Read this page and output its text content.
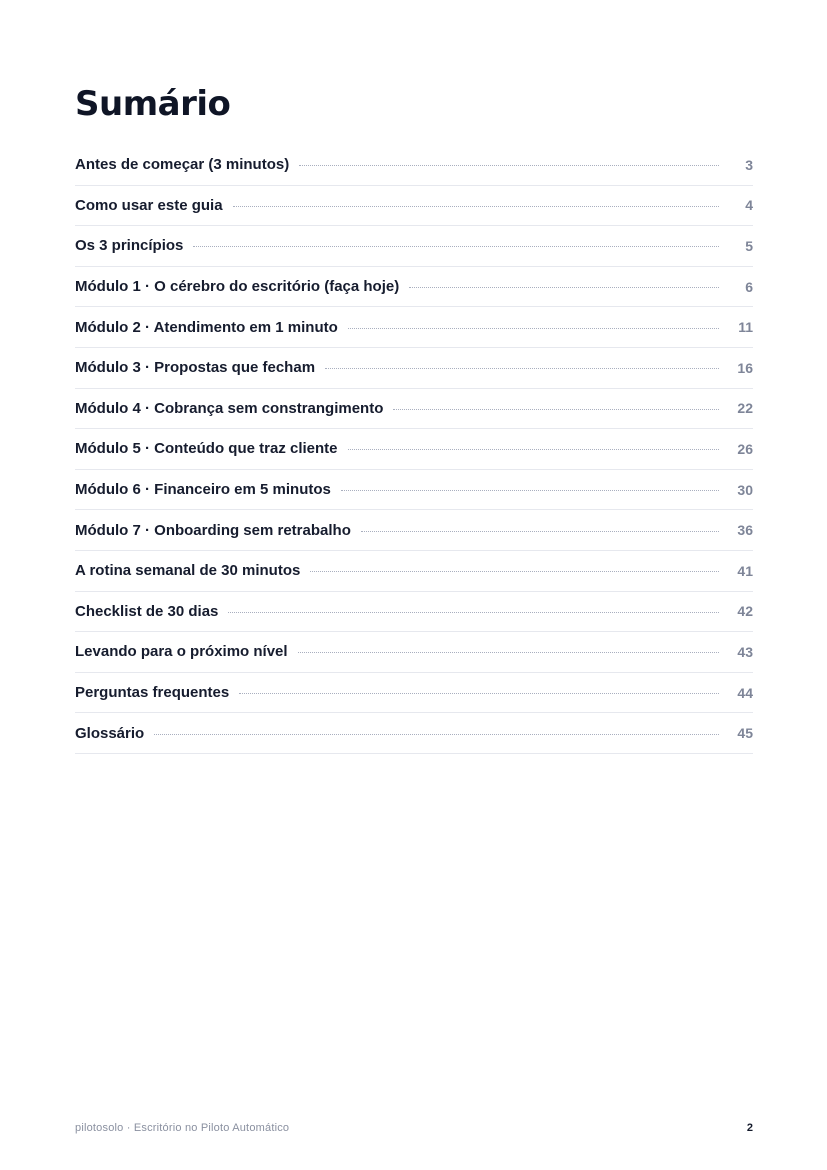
Sumário
Antes de começar (3 minutos)	3
Como usar este guia	4
Os 3 princípios	5
Módulo 1 · O cérebro do escritório (faça hoje)	6
Módulo 2 · Atendimento em 1 minuto	11
Módulo 3 · Propostas que fecham	16
Módulo 4 · Cobrança sem constrangimento	22
Módulo 5 · Conteúdo que traz cliente	26
Módulo 6 · Financeiro em 5 minutos	30
Módulo 7 · Onboarding sem retrabalho	36
A rotina semanal de 30 minutos	41
Checklist de 30 dias	42
Levando para o próximo nível	43
Perguntas frequentes	44
Glossário	45
pilotosolo · Escritório no Piloto Automático	2
